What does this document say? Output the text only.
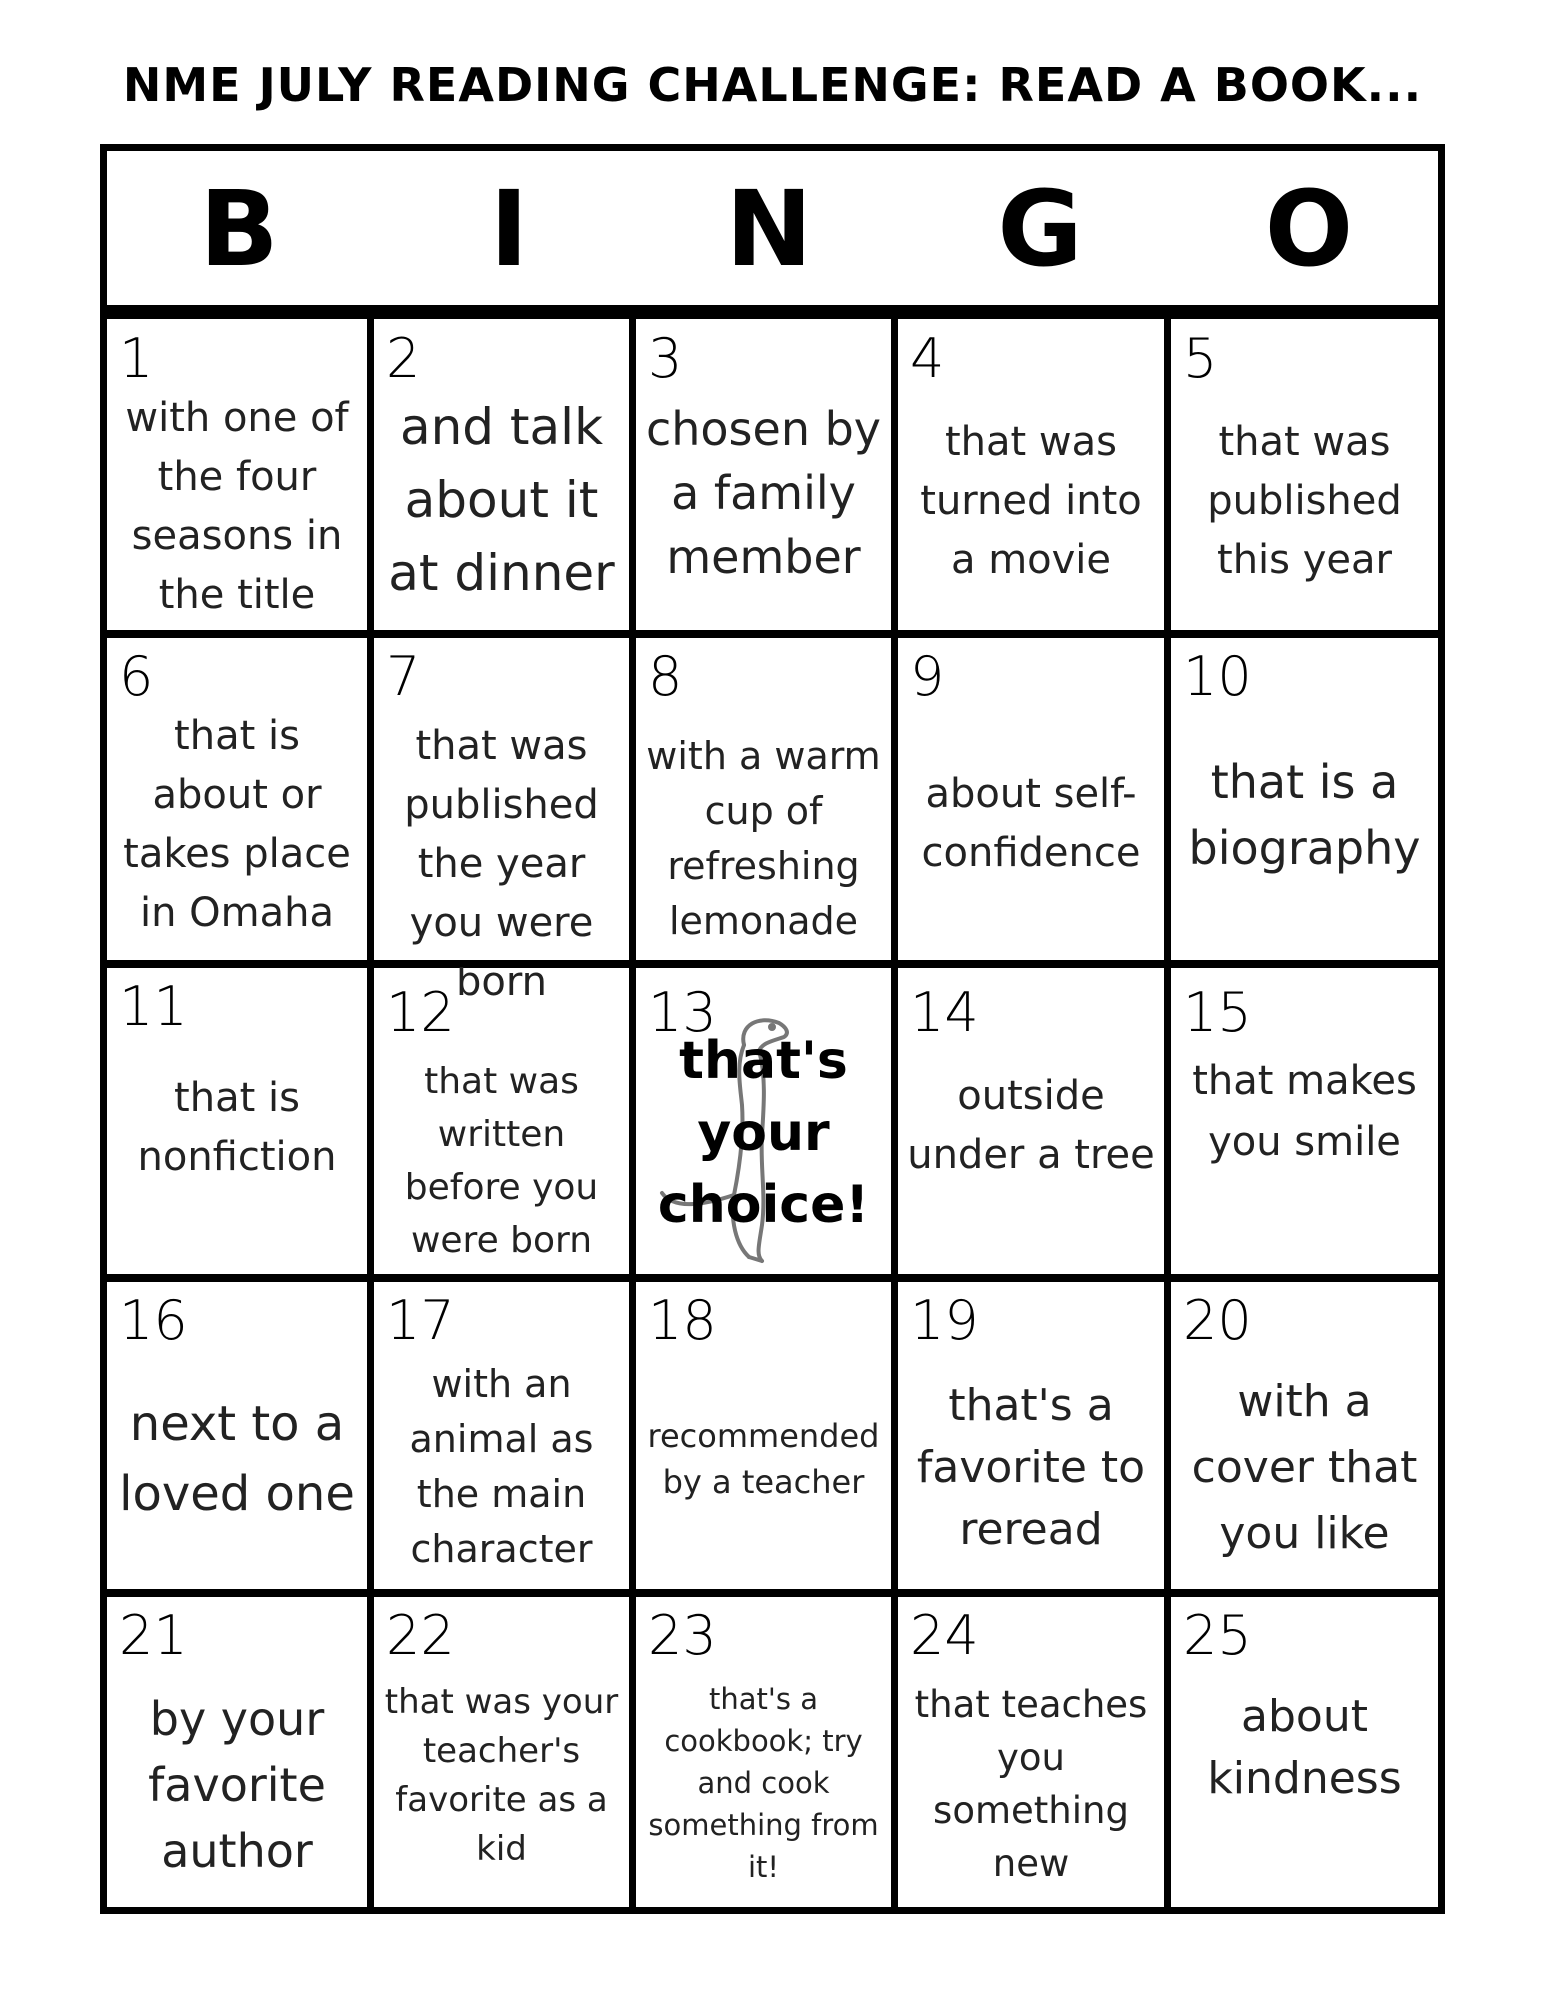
NME JULY READING CHALLENGE: READ A BOOK...
B	I	N G O
1
with one of the four seasons in the title
2
and talk about it at dinner
3
chosen by a family member
4
that was turned into a movie
5
that was published this year
6
that is about or takes place in Omaha
7
that was published the year you were born
8
with a warm cup of refreshing lemonade
9
about self-confidence
10
that is a biography
11
that is nonfiction
12
that was written before you were born
13
that's your choice!
14
outside under a tree
15
that makes you smile
16
next to a loved one
17
with an animal as the main character
18
recommended by a teacher
19
that's a favorite to reread
20
with a cover that you like
21
by your favorite author
22
that was your teacher's favorite as a kid
23
that's a cookbook; try and cook something from it!
24
that teaches you something new
25
about kindness
